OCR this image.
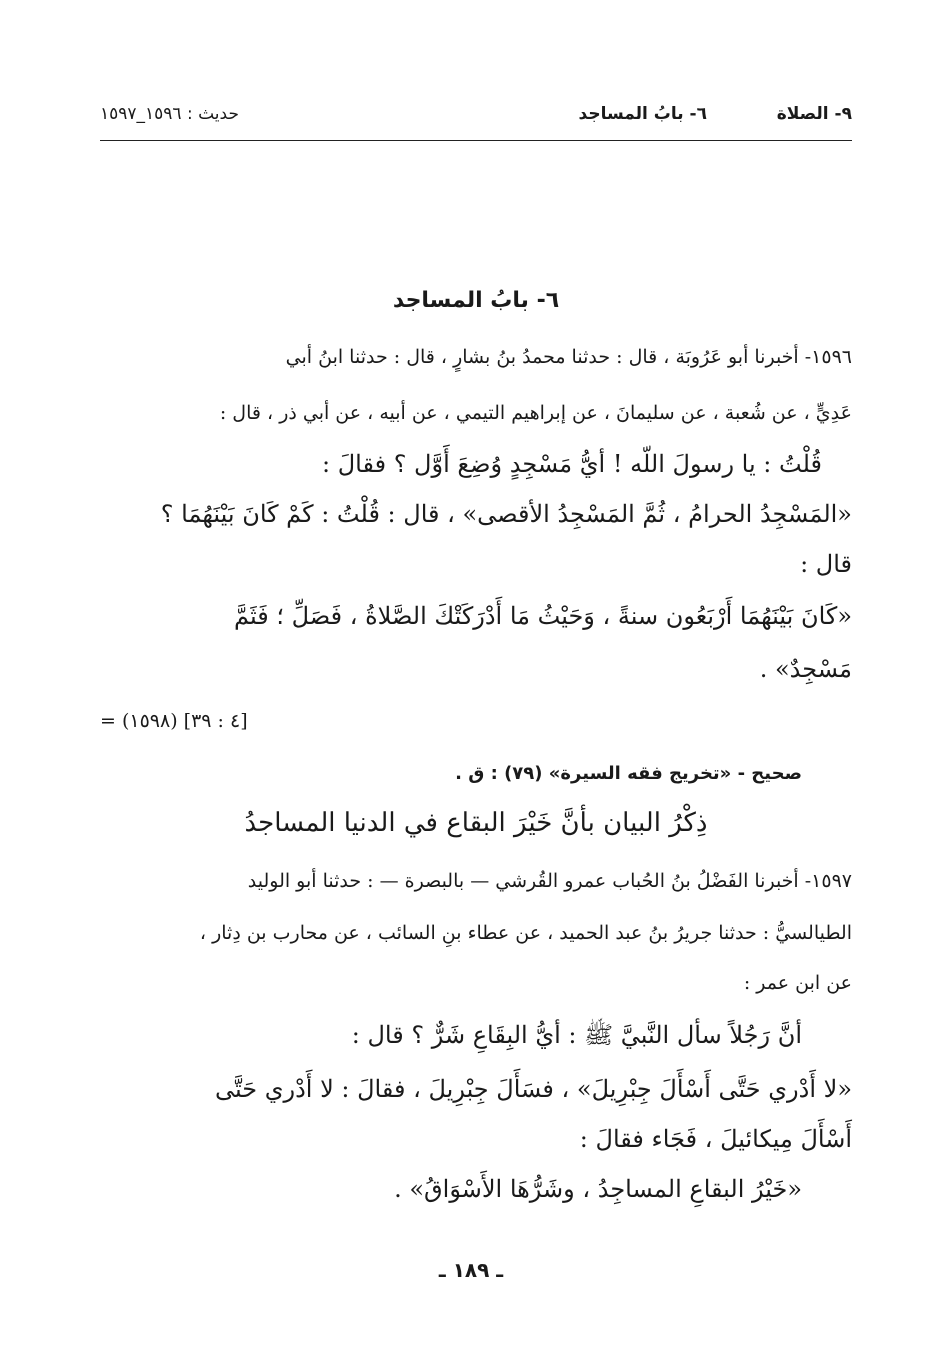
٩- الصلاة
٦- بابُ المساجد
حديث : ١٥٩٦_١٥٩٧
٦- بابُ المساجد
١٥٩٦- أخبرنا أبو عَرُوبَة ، قال : حدثنا محمدُ بنُ بشارٍ ، قال : حدثنا ابنُ أبي
عَدِيٍّ ، عن شُعبة ، عن سليمانَ ، عن إبراهيم التيمي ، عن أبيه ، عن أبي ذر ، قال :
قُلْتُ : يا رسولَ اللّه ! أيُّ مَسْجِدٍ وُضِعَ أَوَّل ؟ فقالَ :
«المَسْجِدُ الحرامُ ، ثُمَّ المَسْجِدُ الأقصى» ، قال : قُلْتُ : كَمْ كَانَ بَيْنَهُمَا ؟
قال :
«كَانَ بَيْنَهُمَا أَرْبَعُون سنةً ، وَحَيْثُ مَا أَدْرَكَتْكَ الصَّلاةُ ، فَصَلِّ ؛ فَثَمَّ
مَسْجِدٌ» .
= (١٥٩٨) [٤ : ٣٩]
صحيح - «تخريج فقه السيرة» (٧٩) : ق .
ذِكْرُ البيان بأنَّ خَيْرَ البقاع في الدنيا المساجدُ
١٥٩٧- أخبرنا الفَضْلُ بنُ الحُباب عمرو القُرشي — بالبصرة — : حدثنا أبو الوليد
الطيالسيُّ : حدثنا جريرُ بنُ عبد الحميد ، عن عطاء بنِ السائب ، عن محارب بن دِثار ،
عن ابن عمر :
أنَّ رَجُلاً سأل النَّبيَّ ﷺ : أيُّ البِقَاعِ شَرٌّ ؟ قال :
«لا أَدْري حَتَّى أَسْأَلَ جِبْرِيلَ» ، فسَأَلَ جِبْرِيلَ ، فقالَ : لا أَدْري حَتَّى
أَسْأَلَ مِيكائيلَ ، فَجَاء فقالَ :
«خَيْرُ البقاعِ المساجِدُ ، وشَرُّهَا الأَسْوَاقُ» .
ـ ١٨٩ ـ
